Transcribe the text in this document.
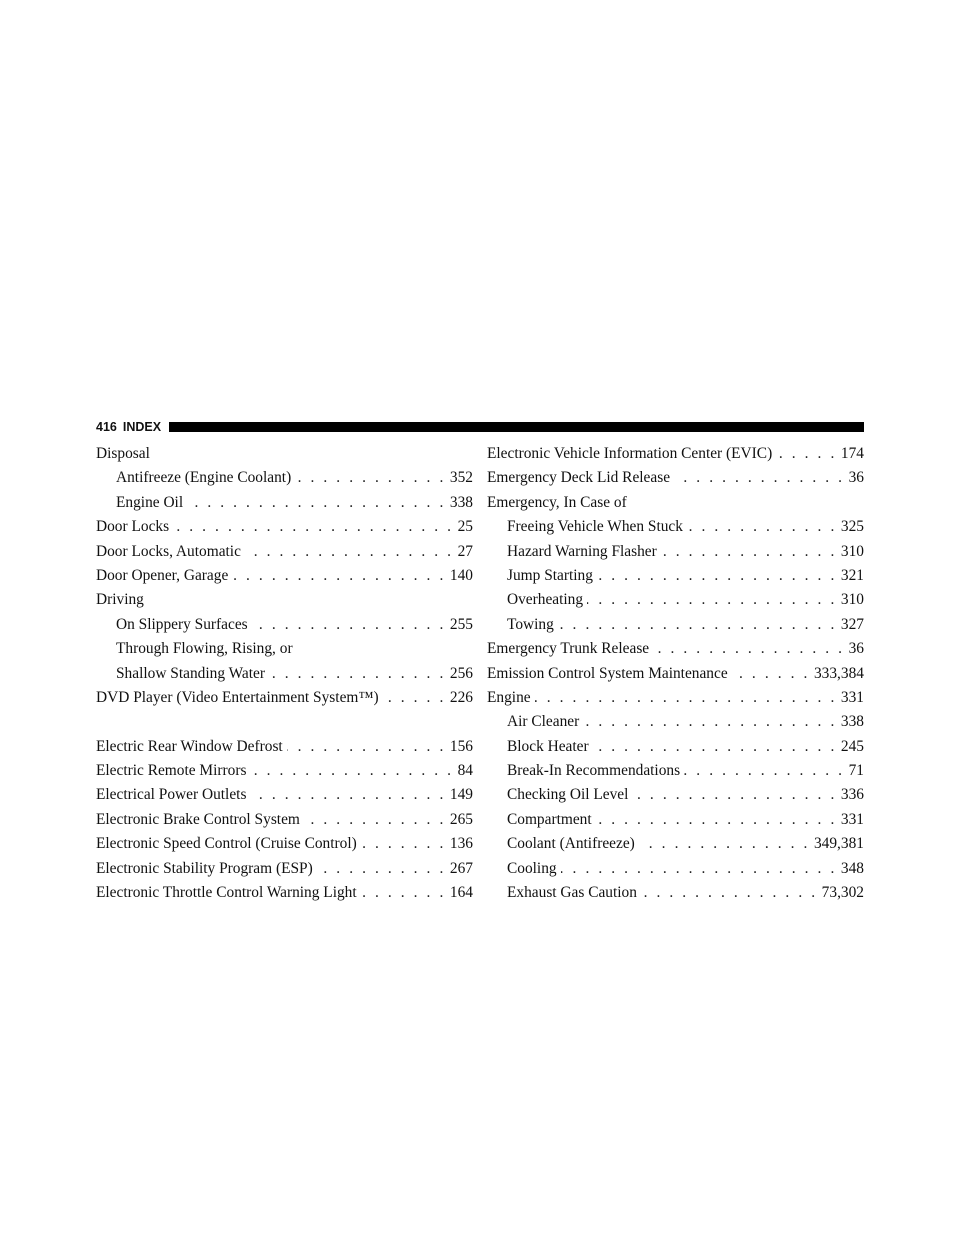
416 INDEX
Disposal
Antifreeze (Engine Coolant) . . .	352
Engine Oil . . .	338
Door Locks . . .	25
Door Locks, Automatic . . .	27
Door Opener, Garage . . .	140
Driving
On Slippery Surfaces . . .	255
Through Flowing, Rising, or
Shallow Standing Water . . .	256
DVD Player (Video Entertainment System™) . . .	226
Electric Rear Window Defrost . . .	156
Electric Remote Mirrors . . .	84
Electrical Power Outlets . . .	149
Electronic Brake Control System . . .	265
Electronic Speed Control (Cruise Control) . . .	136
Electronic Stability Program (ESP) . . .	267
Electronic Throttle Control Warning Light . . .	164
Electronic Vehicle Information Center (EVIC) . . .	174
Emergency Deck Lid Release . . .	36
Emergency, In Case of
Freeing Vehicle When Stuck . . .	325
Hazard Warning Flasher . . .	310
Jump Starting . . .	321
Overheating . . .	310
Towing . . .	327
Emergency Trunk Release . . .	36
Emission Control System Maintenance . . .	333,384
Engine . . .	331
Air Cleaner . . .	338
Block Heater . . .	245
Break-In Recommendations . . .	71
Checking Oil Level . . .	336
Compartment . . .	331
Coolant (Antifreeze) . . .	349,381
Cooling . . .	348
Exhaust Gas Caution . . .	73,302
